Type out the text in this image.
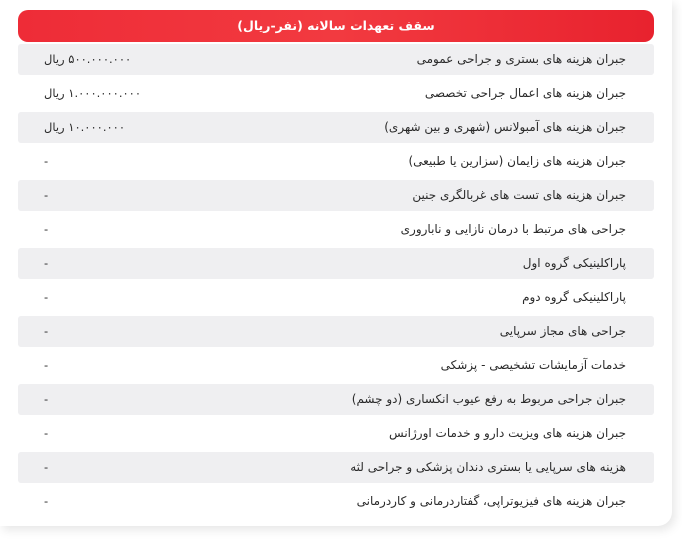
سقف تعهدات سالانه (نفر-ریال)
جبران هزینه های بستری و جراحی عمومی
۵۰۰.۰۰۰.۰۰۰ ریال
جبران هزینه های اعمال جراحی تخصصی
۱.۰۰۰.۰۰۰.۰۰۰ ریال
جبران هزینه های آمبولانس (شهری و بین شهری)
۱۰.۰۰۰.۰۰۰ ریال
جبران هزینه های زایمان (سزارین یا طبیعی)
-
جبران هزینه های تست های غربالگری جنین
-
جراحی های مرتبط با درمان نازایی و ناباروری
-
پاراکلینیکی گروه اول
-
پاراکلینیکی گروه دوم
-
جراحی های مجاز سرپایی
-
خدمات آزمایشات تشخیصی - پزشکی
-
جبران جراحی مربوط به رفع عیوب انکساری (دو چشم)
-
جبران هزینه های ویزیت دارو و خدمات اورژانس
-
هزینه های سرپایی یا بستری دندان پزشکی و جراحی لثه
-
جبران هزینه های فیزیوتراپی، گفتاردرمانی و کاردرمانی
-
